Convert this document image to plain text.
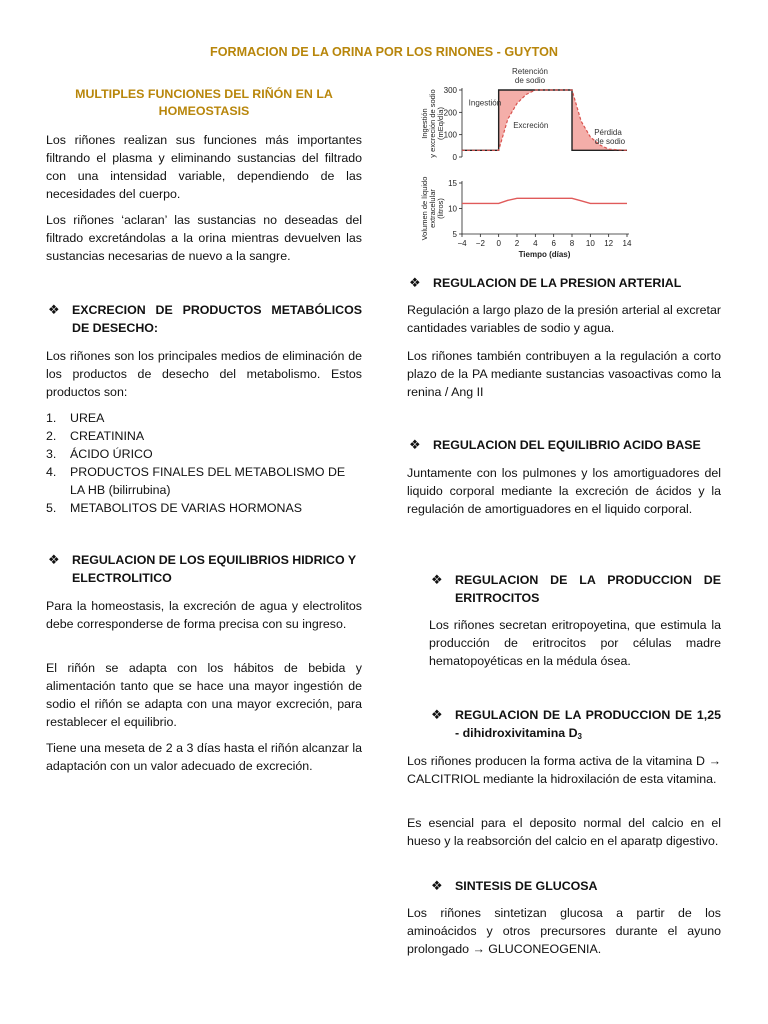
FORMACION DE LA ORINA POR LOS RINONES - GUYTON
MULTIPLES FUNCIONES DEL RIÑÓN EN LA
HOMEOSTASIS

Los riñones realizan sus funciones más importantes filtrando el plasma y eliminando sustancias del filtrado con una intensidad variable, dependiendo de las necesidades del cuerpo.

Los riñones ‘aclaran’ las sustancias no deseadas del filtrado excretándolas a la orina mientras devuelven las sustancias necesarias de nuevo a la sangre.

❖ EXCRECION DE PRODUCTOS METABÓLICOS DE DESECHO:

Los riñones son los principales medios de eliminación de los productos de desecho del metabolismo. Estos productos son:

1.	UREA
2.	CREATININA
3.	ÁCIDO ÚRICO
4.	PRODUCTOS FINALES DEL METABOLISMO DE LA HB (bilirrubina)
5.	METABOLITOS DE VARIAS HORMONAS
❖ REGULACION DE LOS EQUILIBRIOS HIDRICO Y ELECTROLITICO

Para la homeostasis, la excreción de agua y electrolitos debe corresponderse de forma precisa con su ingreso.

El riñón se adapta con los hábitos de bebida y alimentación tanto que se hace una mayor ingestión de sodio el riñón se adapta con una mayor excreción, para restablecer el equilibrio.

Tiene una meseta de 2 a 3 días hasta el riñón alcanzar la adaptación con un valor adecuado de excreción.

0
100
200
300
Ingestión y excreción de sodio (mEq/día)
Ingestión
Excreción
5
10
15
−4 −2 0 2 4 6 8 10 12 14
Tiempo (días)
Volumen de líquido extracelular (litros)
Retención
de sodio
Pérdida
de sodio
❖ REGULACION DE LA PRESION ARTERIAL

Regulación a largo plazo de la presión arterial al excretar cantidades variables de sodio y agua.

Los riñones también contribuyen a la regulación a corto plazo de la PA mediante sustancias vasoactivas como la renina / Ang II

❖ REGULACION DEL EQUILIBRIO ACIDO BASE

Juntamente con los pulmones y los amortiguadores del liquido corporal mediante la excreción de ácidos y la regulación de amortiguadores en el liquido corporal.

❖ REGULACION DE LA PRODUCCION DE ERITROCITOS

Los riñones secretan eritropoyetina, que estimula la producción de eritrocitos por células madre hematopoyéticas en la médula ósea.

❖ REGULACION DE LA PRODUCCION DE 1,25 - dihidroxivitamina $D_3$

Los riñones producen la forma activa de la vitamina D → CALCITRIOL mediante la hidroxilación de esta vitamina.

Es esencial para el deposito normal del calcio en el hueso y la reabsorción del calcio en el aparatp digestivo.

❖ SINTESIS DE GLUCOSA

Los riñones sintetizan glucosa a partir de los aminoácidos y otros precursores durante el ayuno prolongado → GLUCONEOGENIA.
